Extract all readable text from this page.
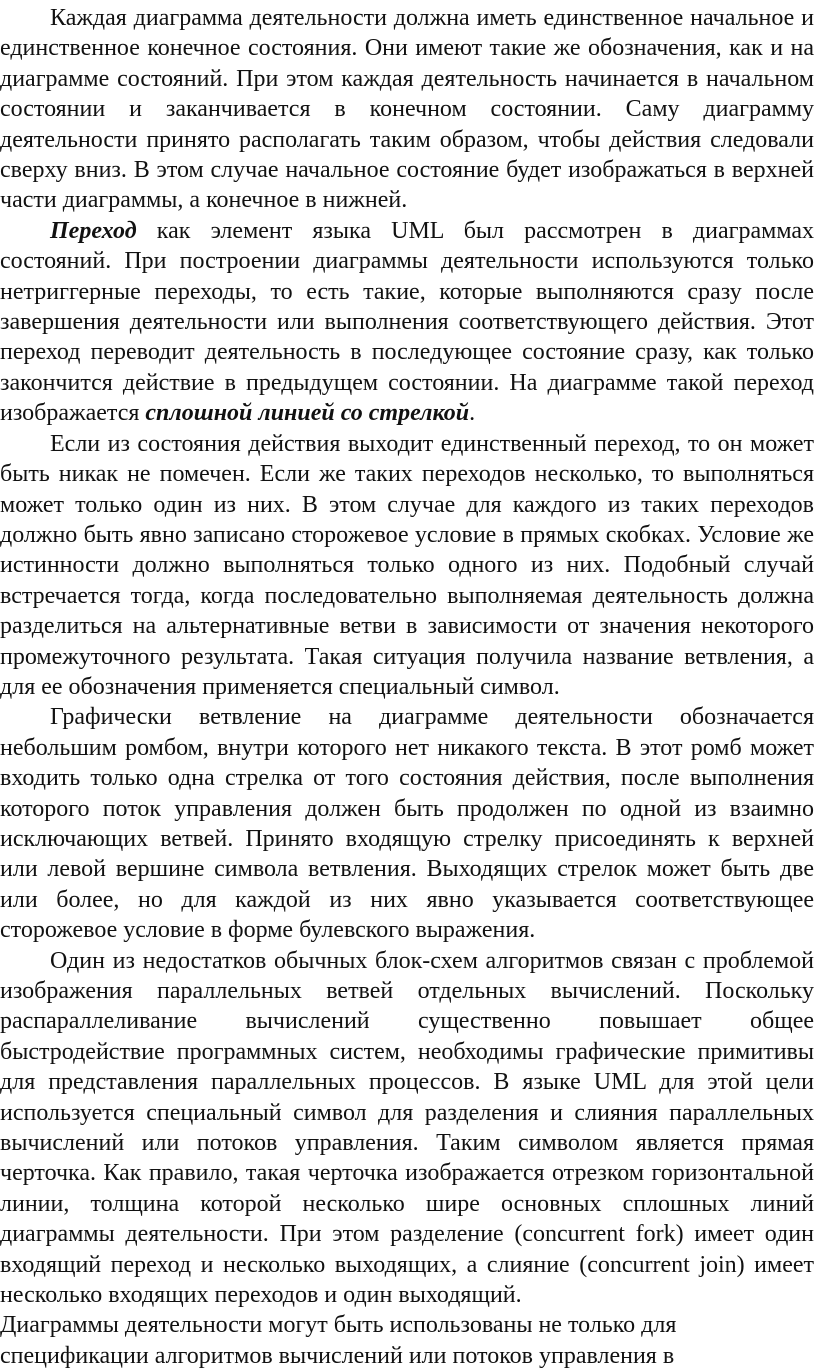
Каждая диаграмма деятельности должна иметь единственное начальное и единственное конечное состояния. Они имеют такие же обозначения, как и на диаграмме состояний. При этом каждая деятельность начинается в начальном состоянии и заканчивается в конечном состоянии. Саму диаграмму деятельности принято располагать таким образом, чтобы действия следовали сверху вниз. В этом случае начальное состояние будет изображаться в верхней части диаграммы, а конечное в нижней.

Переход как элемент языка UML был рассмотрен в диаграммах состояний. При построении диаграммы деятельности используются только нетриггерные переходы, то есть такие, которые выполняются сразу после завершения деятельности или выполнения соответствующего действия. Этот переход переводит деятельность в последующее состояние сразу, как только закончится действие в предыдущем состоянии. На диаграмме такой переход изображается сплошной линией со стрелкой.

Если из состояния действия выходит единственный переход, то он может быть никак не помечен. Если же таких переходов несколько, то выполняться может только один из них. В этом случае для каждого из таких переходов должно быть явно записано сторожевое условие в прямых скобках. Условие же истинности должно выполняться только одного из них. Подобный случай встречается тогда, когда последовательно выполняемая деятельность должна разделиться на альтернативные ветви в зависимости от значения некоторого промежуточного результата. Такая ситуация получила название ветвления, а для ее обозначения применяется специальный символ.

Графически ветвление на диаграмме деятельности обозначается небольшим ромбом, внутри которого нет никакого текста. В этот ромб может входить только одна стрелка от того состояния действия, после выполнения которого поток управления должен быть продолжен по одной из взаимно исключающих ветвей. Принято входящую стрелку присоединять к верхней или левой вершине символа ветвления. Выходящих стрелок может быть две или более, но для каждой из них явно указывается соответствующее сторожевое условие в форме булевского выражения.

Один из недостатков обычных блок-схем алгоритмов связан с проблемой изображения параллельных ветвей отдельных вычислений. Поскольку распараллеливание вычислений существенно повышает общее быстродействие программных систем, необходимы графические примитивы для представления параллельных процессов. В языке UML для этой цели используется специальный символ для разделения и слияния параллельных вычислений или потоков управления. Таким символом является прямая черточка. Как правило, такая черточка изображается отрезком горизонтальной линии, толщина которой несколько шире основных сплошных линий диаграммы деятельности. При этом разделение (concurrent fork) имеет один входящий переход и несколько выходящих, а слияние (concurrent join) имеет несколько входящих переходов и один выходящий.

Диаграммы деятельности могут быть использованы не только для
спецификации алгоритмов вычислений или потоков управления в
